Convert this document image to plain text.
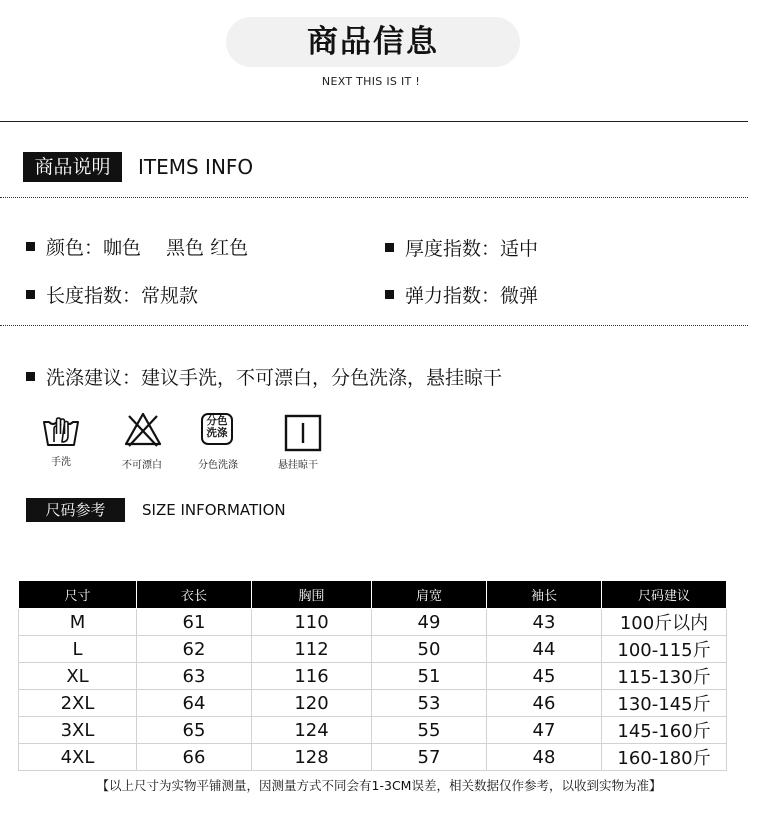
商品信息
NEXT THIS IS IT !
商品说明	ITEMS INFO
颜色：咖色　 黑色 红色	厚度指数：适中
长度指数：常规款	弹力指数：微弹
洗涤建议：建议手洗，不可漂白，分色洗涤，悬挂晾干
手洗	不可漂白
分色
洗涤
分色洗涤	悬挂晾干
尺码参考	SIZE INFORMATION
尺寸	衣长	胸围	肩宽	袖长	尺码建议
M	61	110	49	43	100斤以内
L	62	112	50	44	100-115斤
XL	63	116	51	45	115-130斤
2XL	64	120	53	46	130-145斤
3XL	65	124	55	47	145-160斤
4XL	66	128	57	48	160-180斤
【以上尺寸为实物平铺测量，因测量方式不同会有1-3CM误差，相关数据仅作参考，以收到实物为准】
